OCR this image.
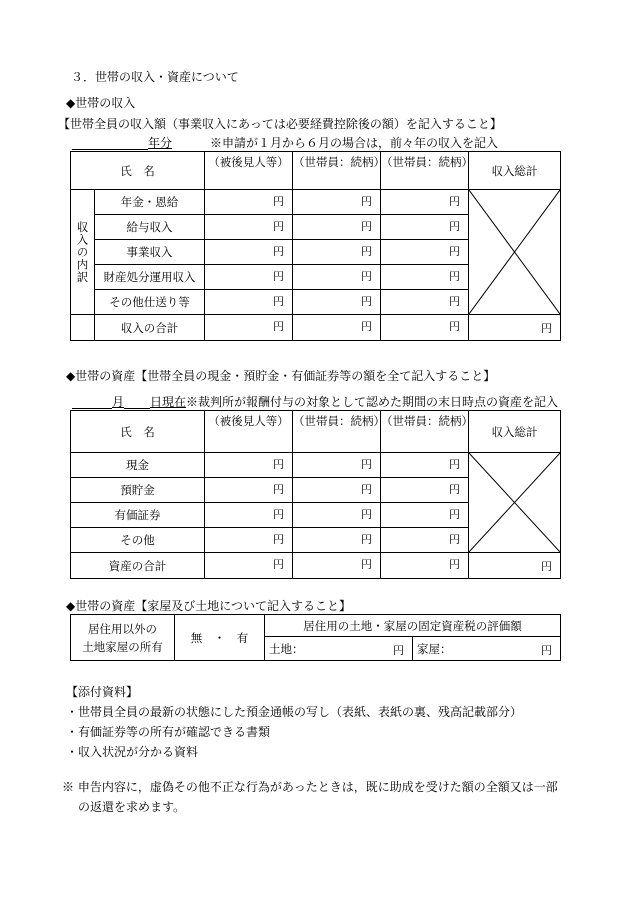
３．世帯の収入・資産について
◆世帯の収入
【世帯全員の収入額（事業収入にあっては必要経費控除後の額）を記入すること】
年分	※申請が１月から６月の場合は，前々年の収入を記入
氏　名		（被後見人等）	（世帯員：続柄）	（世帯員：続柄）	収入総計

収入の内訳	年金・恩給	円	円	円

	給与収入	円	円	円	

	事業収入	円	円	円	

	財産処分運用収入	円	円	円	

	その他仕送り等	円	円	円	

	収入の合計	円	円	円	円
◆世帯の資産【世帯全員の現金・預貯金・有価証券等の額を全て記入すること】
月 日現在 ※裁判所が報酬付与の対象として認めた期間の末日時点の資産を記入
氏　名	（被後見人等）	（世帯員：続柄）	（世帯員：続柄）	収入総計
現金	円	円	円

預貯金	円	円	円	

有価証券	円	円	円	

その他	円	円	円	

資産の合計	円	円	円	円
◆世帯の資産【家屋及び土地について記入すること】
居住用以外の
土地家屋の所有	無　・　有	居住用の土地・家屋の固定資産税の評価額	
		土地： 円	家屋： 円
【添付資料】
・世帯員全員の最新の状態にした預金通帳の写し（表紙、表紙の裏、残高記載部分）
・有価証券等の所有が確認できる書類
・収入状況が分かる資料
※ 申告内容に，虚偽その他不正な行為があったときは，既に助成を受けた額の全額又は一部
の返還を求めます。
